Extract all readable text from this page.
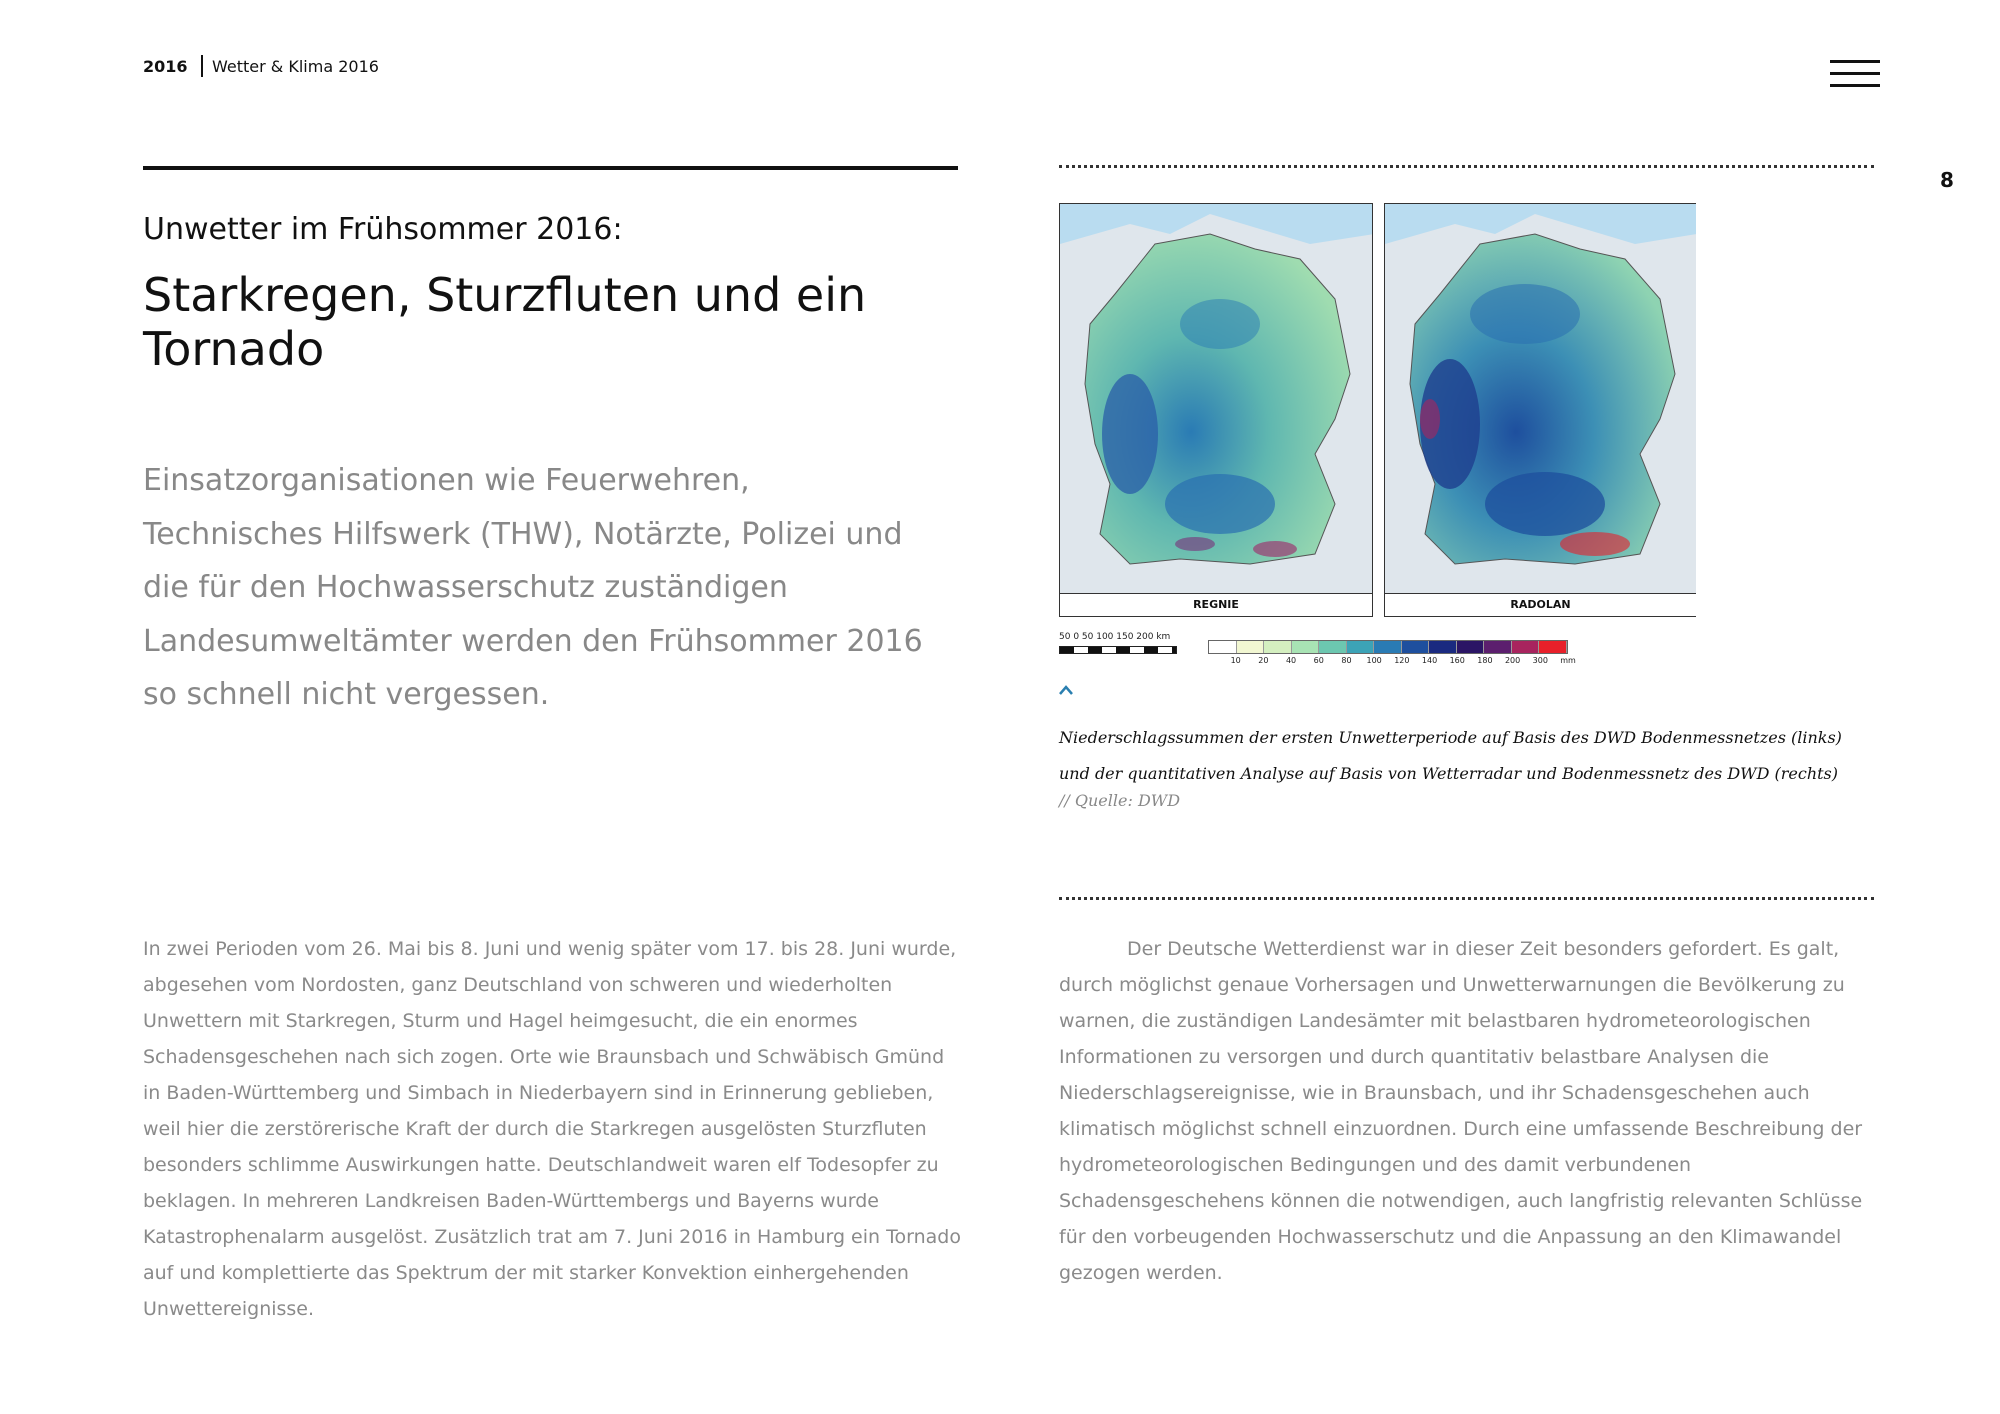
2016 Wetter & Klima 2016
8
Unwetter im Frühsommer 2016:
Starkregen, Sturzfluten und ein Tornado
Einsatzorganisationen wie Feuerwehren, Technisches Hilfswerk (THW), Notärzte, Polizei und die für den Hochwasserschutz zuständigen Landesumweltämter werden den Frühsommer 2016 so schnell nicht vergessen.

In zwei Perioden vom 26. Mai bis 8. Juni und wenig später vom 17. bis 28. Juni wurde, abgesehen vom Nordosten, ganz Deutschland von schweren und wiederholten Unwettern mit Starkregen, Sturm und Hagel heimgesucht, die ein enormes Schadensgeschehen nach sich zogen. Orte wie Braunsbach und Schwäbisch Gmünd in Baden-Württemberg und Simbach in Niederbayern sind in Erinnerung geblieben, weil hier die zerstörerische Kraft der durch die Starkregen ausgelösten Sturzfluten besonders schlimme Auswirkungen hatte. Deutschlandweit waren elf Todesopfer zu beklagen. In mehreren Landkreisen Baden-Württembergs und Bayerns wurde Katastrophenalarm ausgelöst. Zusätzlich trat am 7. Juni 2016 in Hamburg ein Tornado auf und komplettierte das Spektrum der mit starker Konvektion einhergehenden Unwettereignisse.

REGNIE	RADOLAN
50 0 50 100 150 200 km
10 20 40 60 80 100 120 140 160 180 200 300 mm
Niederschlagssummen der ersten Unwetterperiode auf Basis des DWD Bodenmessnetzes (links) und der quantitativen Analyse auf Basis von Wetterradar und Bodenmessnetz des DWD (rechts)
// Quelle: DWD

Der Deutsche Wetterdienst war in dieser Zeit besonders gefordert. Es galt, durch möglichst genaue Vorhersagen und Unwetterwarnungen die Bevölkerung zu warnen, die zuständigen Landesämter mit belastbaren hydrometeorologischen Informationen zu versorgen und durch quantitativ belastbare Analysen die Niederschlagsereignisse, wie in Braunsbach, und ihr Schadensgeschehen auch klimatisch möglichst schnell einzuordnen. Durch eine umfassende Beschreibung der hydrometeorologischen Bedingungen und des damit verbundenen Schadensgeschehens können die notwendigen, auch langfristig relevanten Schlüsse für den vorbeugenden Hochwasserschutz und die Anpassung an den Klimawandel gezogen werden.
